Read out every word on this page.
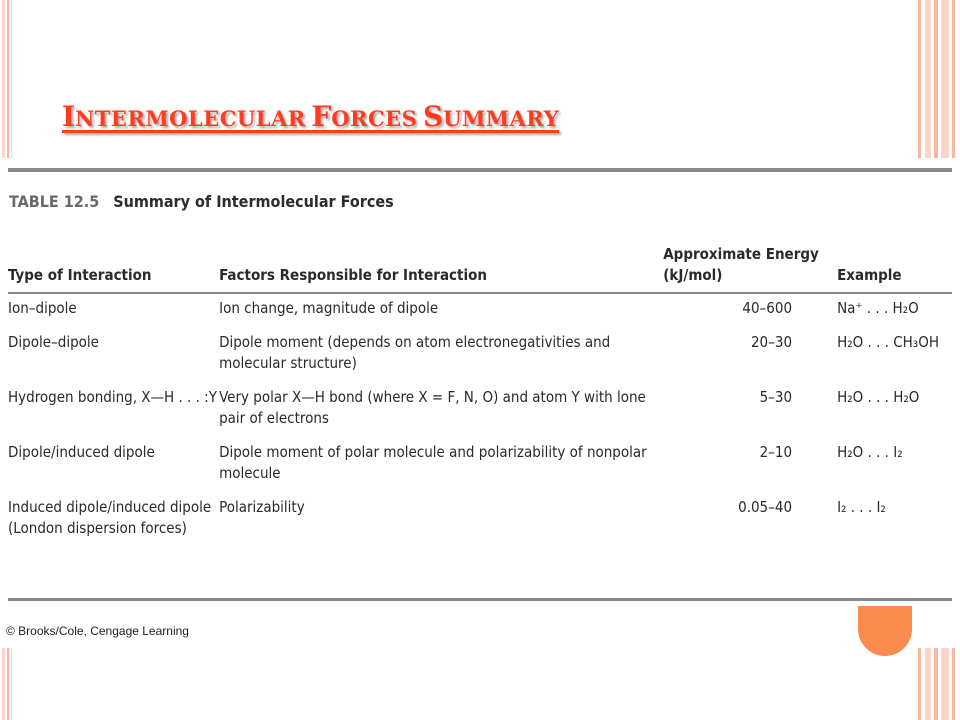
INTERMOLECULAR FORCES SUMMARY
TABLE 12.5 Summary of Intermolecular Forces
Type of Interaction	Factors Responsible for Interaction	Approximate Energy (kJ/mol)	Example
Ion–dipole	Ion change, magnitude of dipole	40–600	Na⁺ . . . H₂O
Dipole–dipole	Dipole moment (depends on atom electronegativities and molecular structure)	20–30	H₂O . . . CH₃OH
Hydrogen bonding, X—H . . . :Y	Very polar X—H bond (where X = F, N, O) and atom Y with lone pair of electrons	5–30	H₂O . . . H₂O
Dipole/induced dipole	Dipole moment of polar molecule and polarizability of nonpolar molecule	2–10	H₂O . . . I₂
Induced dipole/induced dipole (London dispersion forces)	Polarizability	0.05–40	I₂ . . . I₂
© Brooks/Cole, Cengage Learning
